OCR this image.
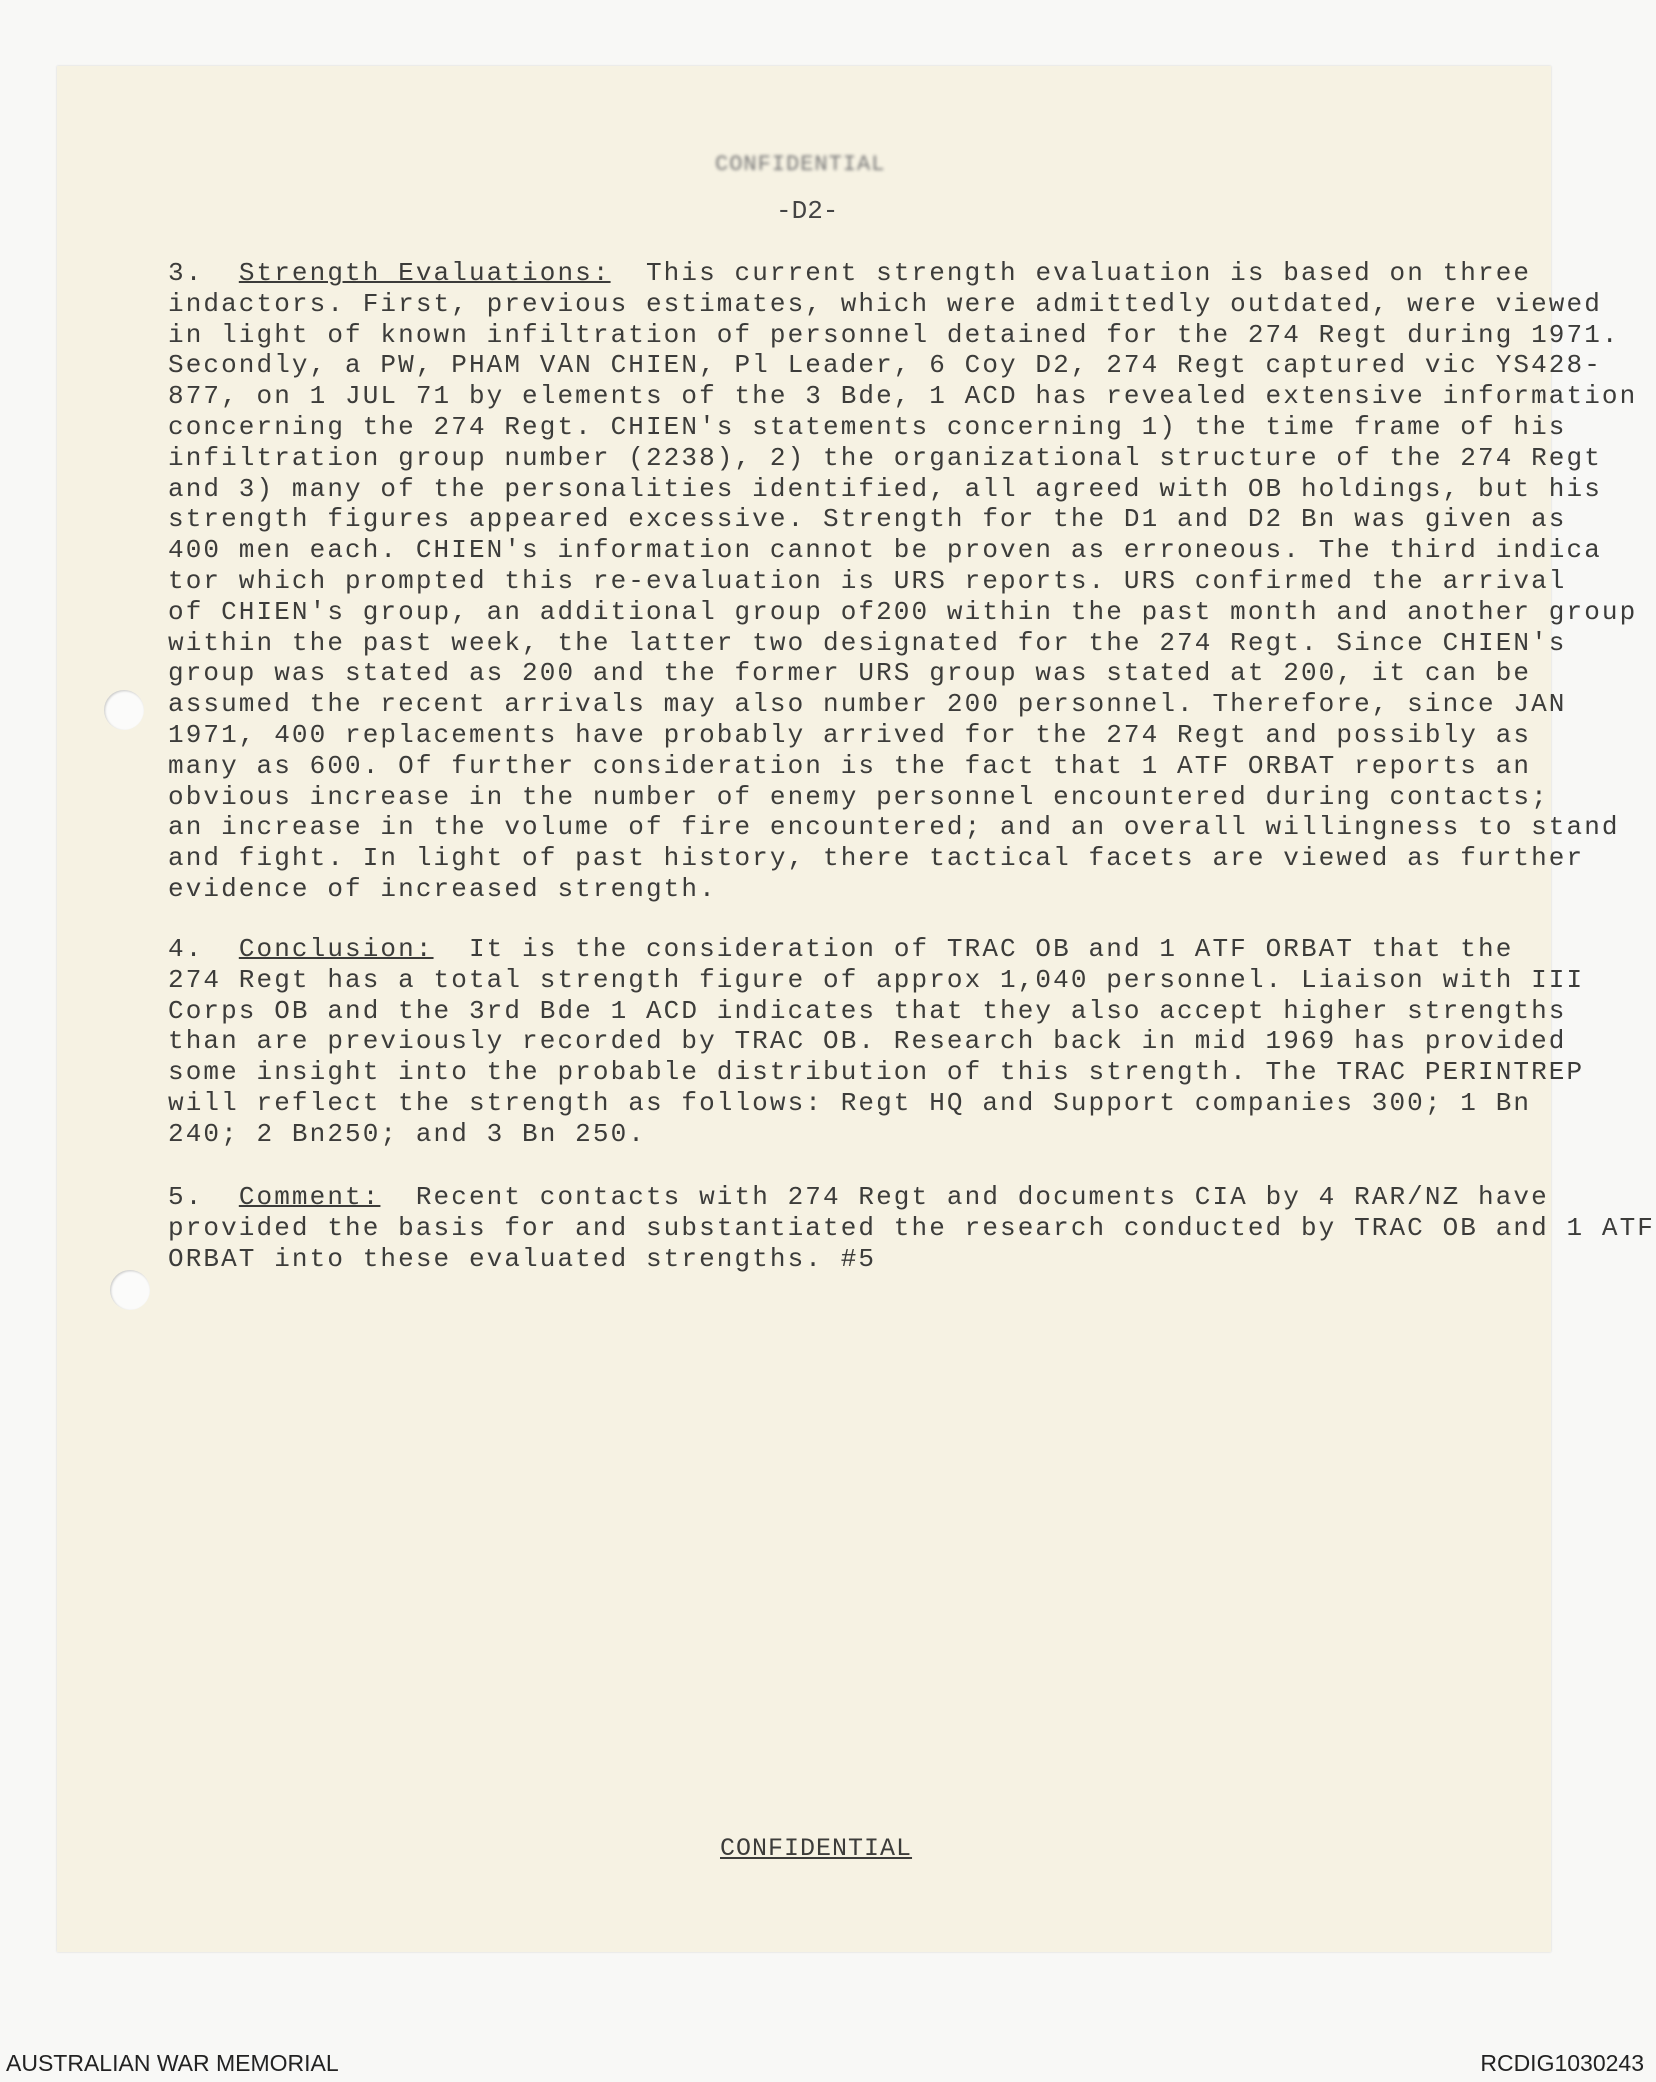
CONFIDENTIAL
-D2-
3. Strength Evaluations:  This current strength evaluation is based on three
indactors. First, previous estimates, which were admittedly outdated, were viewed
in light of known infiltration of personnel detained for the 274 Regt during 1971.
Secondly, a PW, PHAM VAN CHIEN, Pl Leader, 6 Coy D2, 274 Regt captured vic YS428-
877, on 1 JUL 71 by elements of the 3 Bde, 1 ACD has revealed extensive information
concerning the 274 Regt. CHIEN's statements concerning 1) the time frame of his
infiltration group number (2238), 2) the organizational structure of the 274 Regt
and 3) many of the personalities identified, all agreed with OB holdings, but his
strength figures appeared excessive. Strength for the D1 and D2 Bn was given as
400 men each. CHIEN's information cannot be proven as erroneous. The third indica
tor which prompted this re-evaluation is URS reports. URS confirmed the arrival
of CHIEN's group, an additional group of200 within the past month and another group
within the past week, the latter two designated for the 274 Regt. Since CHIEN's
group was stated as 200 and the former URS group was stated at 200, it can be
assumed the recent arrivals may also number 200 personnel. Therefore, since JAN
1971, 400 replacements have probably arrived for the 274 Regt and possibly as
many as 600. Of further consideration is the fact that 1 ATF ORBAT reports an
obvious increase in the number of enemy personnel encountered during contacts;
an increase in the volume of fire encountered; and an overall willingness to stand
and fight. In light of past history, there tactical facets are viewed as further
evidence of increased strength.
4. Conclusion:  It is the consideration of TRAC OB and 1 ATF ORBAT that the
274 Regt has a total strength figure of approx 1,040 personnel. Liaison with III
Corps OB and the 3rd Bde 1 ACD indicates that they also accept higher strengths
than are previously recorded by TRAC OB. Research back in mid 1969 has provided
some insight into the probable distribution of this strength. The TRAC PERINTREP
will reflect the strength as follows: Regt HQ and Support companies 300; 1 Bn
240; 2 Bn250; and 3 Bn 250.
5. Comment:  Recent contacts with 274 Regt and documents CIA by 4 RAR/NZ have
provided the basis for and substantiated the research conducted by TRAC OB and 1 ATF
ORBAT into these evaluated strengths. #5
CONFIDENTIAL
AUSTRALIAN WAR MEMORIAL	RCDIG1030243
